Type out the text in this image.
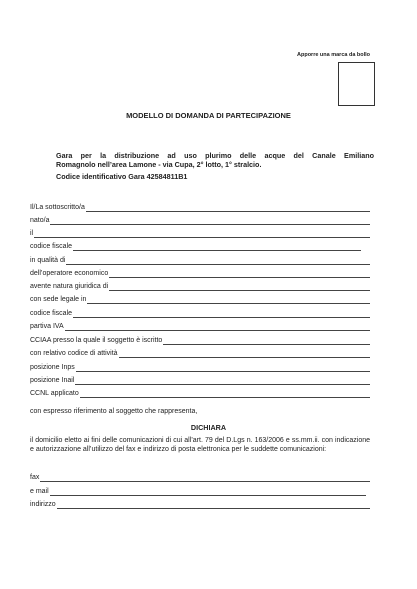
Apporre una marca da bollo
MODELLO DI DOMANDA DI PARTECIPAZIONE
Gara per la distribuzione ad uso plurimo delle acque del Canale Emiliano
Romagnolo nell’area Lamone - via Cupa, 2° lotto, 1° stralcio.
Codice identificativo Gara 42584811B1
Il/La sottoscritto/a
nato/a
il
codice fiscale
in qualità di
dell’operatore economico
avente natura giuridica di
con sede legale in
codice fiscale
partiva IVA
CCIAA presso la quale il soggetto è iscritto
con relativo codice di attività
posizione Inps
posizione Inail
CCNL applicato
con espresso riferimento al soggetto che rappresenta,
DICHIARA
il domicilio eletto ai fini delle comunicazioni di cui all’art. 79 del D.Lgs n. 163/2006 e ss.mm.ii. con indicazione e autorizzazione all’utilizzo del fax e indirizzo di posta elettronica per le suddette comunicazioni:
fax
e mail
indirizzo
